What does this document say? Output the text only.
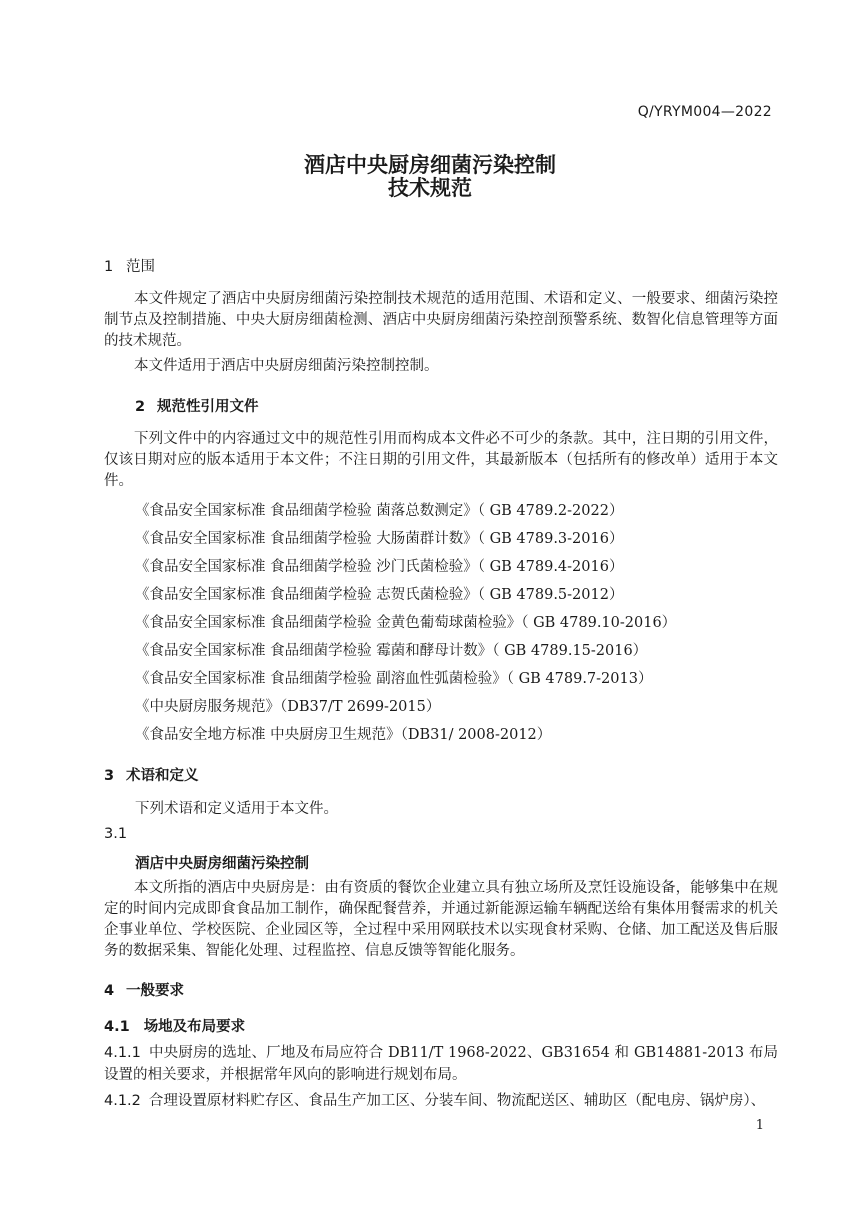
Q/YRYM004—2022
酒店中央厨房细菌污染控制
技术规范
1 范围
本文件规定了酒店中央厨房细菌污染控制技术规范的适用范围、术语和定义、一般要求、细菌污染控制节点及控制措施、中央大厨房细菌检测、酒店中央厨房细菌污染控剖预警系统、数智化信息管理等方面的技术规范。
本文件适用于酒店中央厨房细菌污染控制控制。
2 规范性引用文件
下列文件中的内容通过文中的规范性引用而构成本文件必不可少的条款。其中，注日期的引用文件，仅该日期对应的版本适用于本文件；不注日期的引用文件，其最新版本（包括所有的修改单）适用于本文件。
《食品安全国家标准 食品细菌学检验 菌落总数测定》（ GB 4789.2-2022）
《食品安全国家标准 食品细菌学检验 大肠菌群计数》（ GB 4789.3-2016）
《食品安全国家标准 食品细菌学检验 沙门氏菌检验》（ GB 4789.4-2016）
《食品安全国家标准 食品细菌学检验 志贺氏菌检验》（ GB 4789.5-2012）
《食品安全国家标准 食品细菌学检验 金黄色葡萄球菌检验》（ GB 4789.10-2016）
《食品安全国家标准 食品细菌学检验 霉菌和酵母计数》（ GB 4789.15-2016）
《食品安全国家标准 食品细菌学检验 副溶血性弧菌检验》（ GB 4789.7-2013）
《中央厨房服务规范》（DB37/T 2699-2015）
《食品安全地方标准 中央厨房卫生规范》（DB31/ 2008-2012）
3 术语和定义
下列术语和定义适用于本文件。
3.1
酒店中央厨房细菌污染控制
本文所指的酒店中央厨房是：由有资质的餐饮企业建立具有独立场所及烹饪设施设备，能够集中在规定的时间内完成即食食品加工制作，确保配餐营养，并通过新能源运输车辆配送给有集体用餐需求的机关企事业单位、学校医院、企业园区等，全过程中采用网联技术以实现食材采购、仓储、加工配送及售后服务的数据采集、智能化处理、过程监控、信息反馈等智能化服务。
4 一般要求
4.1 场地及布局要求
4.1.1 中央厨房的选址、厂地及布局应符合 DB11/T 1968-2022、GB31654 和 GB14881-2013 布局设置的相关要求，并根据常年风向的影响进行规划布局。
4.1.2 合理设置原材料贮存区、食品生产加工区、分装车间、物流配送区、辅助区（配电房、锅炉房）、
1
